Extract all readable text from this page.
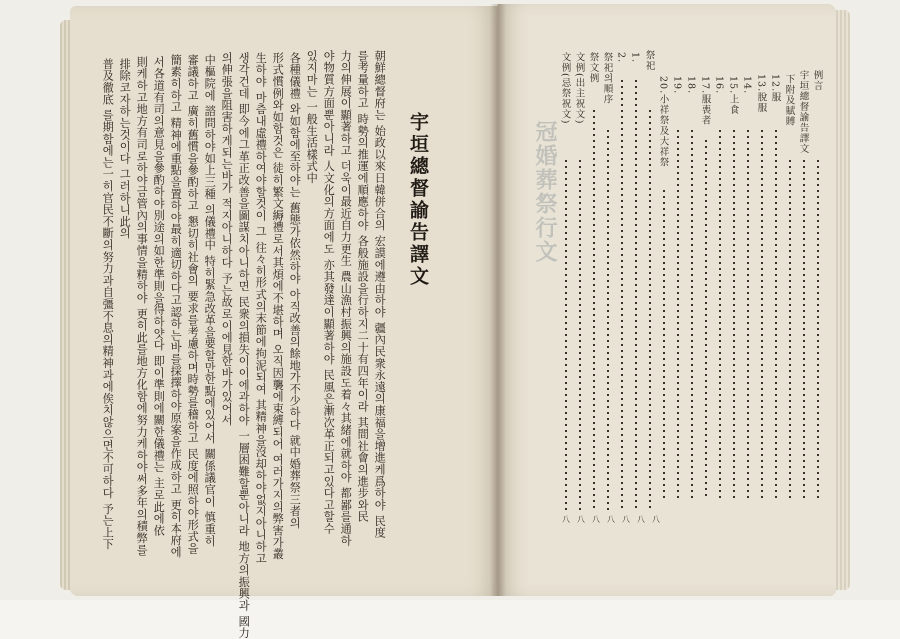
宇垣總督諭告譯文
朝鮮總督府는 始政以來日韓併合의 宏謨에遵由하야 疆內民衆永遠의康福을增進케爲하야 民度
를考量하고 時勢의推運에順應하야 各般施設을行하지二十有四年이라 其間社會의進步와民
力의伸展이顯著하고 더욱이最近自力更生 農山漁村振興의施設도着々其緒에就하야 都鄙를通하
야物質方面뿐아니라 人文化의方面에도 亦其發達이顯著하야 民風은漸次革正되고있다고할수
있지마는 一般生活樣式中
各種儀禮 와如함에至하야는 舊態가依然하야 아직改善의餘地가不少하다 就中婚葬祭三者의
形式慣例와如함것은 徒히繁文縟禮로서其煩에不堪하며 오직因襲에束縛되어 여러가지의弊害가叢
生하야 마츰내虛禮하여야할것이 그 往々히形式의末節에拘泥되여 其精神을沒却하야없지아니하고
생각건데 即今에그革正改善을圖謀치아니하면 民衆의損失이이에과하야 一層困難할뿐아니라 地方의振興과 國力
의伸張을阻害하게되는바가 적지아니하다 予는故로이에見한바가있어서
中樞院에 諮問하야如上三種 의儀禮中 特히緊急改革을要할만한點에있어서 關係議官이 慎重히
審議하고 廣히舊慣을參酌하고 懇切히社會의 要求를考慮하며時勢를稽하고 民度에照하야形式을
簡素히하고 精神에重點을置하야最히適切하다고認하는바를採擇하야原案을作成하고 更히本府에
서各道有司의意見을參酌하야別途의如한準則을得하얏다 即이準則에關한儀禮는 主로此에依
則케하고地方有司로하야금管內의事情을精하야 更히此를地方化함에努力케하야써多年의積弊를
排除코자하는것이다 그러하니此의
普及徹底 를期함에는一히官民不斷의努力과自彊不息의精神과에俟치않으면不可하다 予는上下	冠婚葬祭行文
例言
宇垣總督諭告譯文
下附及賦賻
12.服
13.脫服
14.
15.上食
16.
17.服喪者
18.
19.
20.小祥祭及大祥祭
祭祀
1.
2.
祭祀의順序
祭文例
文例(出主祝文)
文例(忌祭祝文)
八
八
八
八
八
八
八
